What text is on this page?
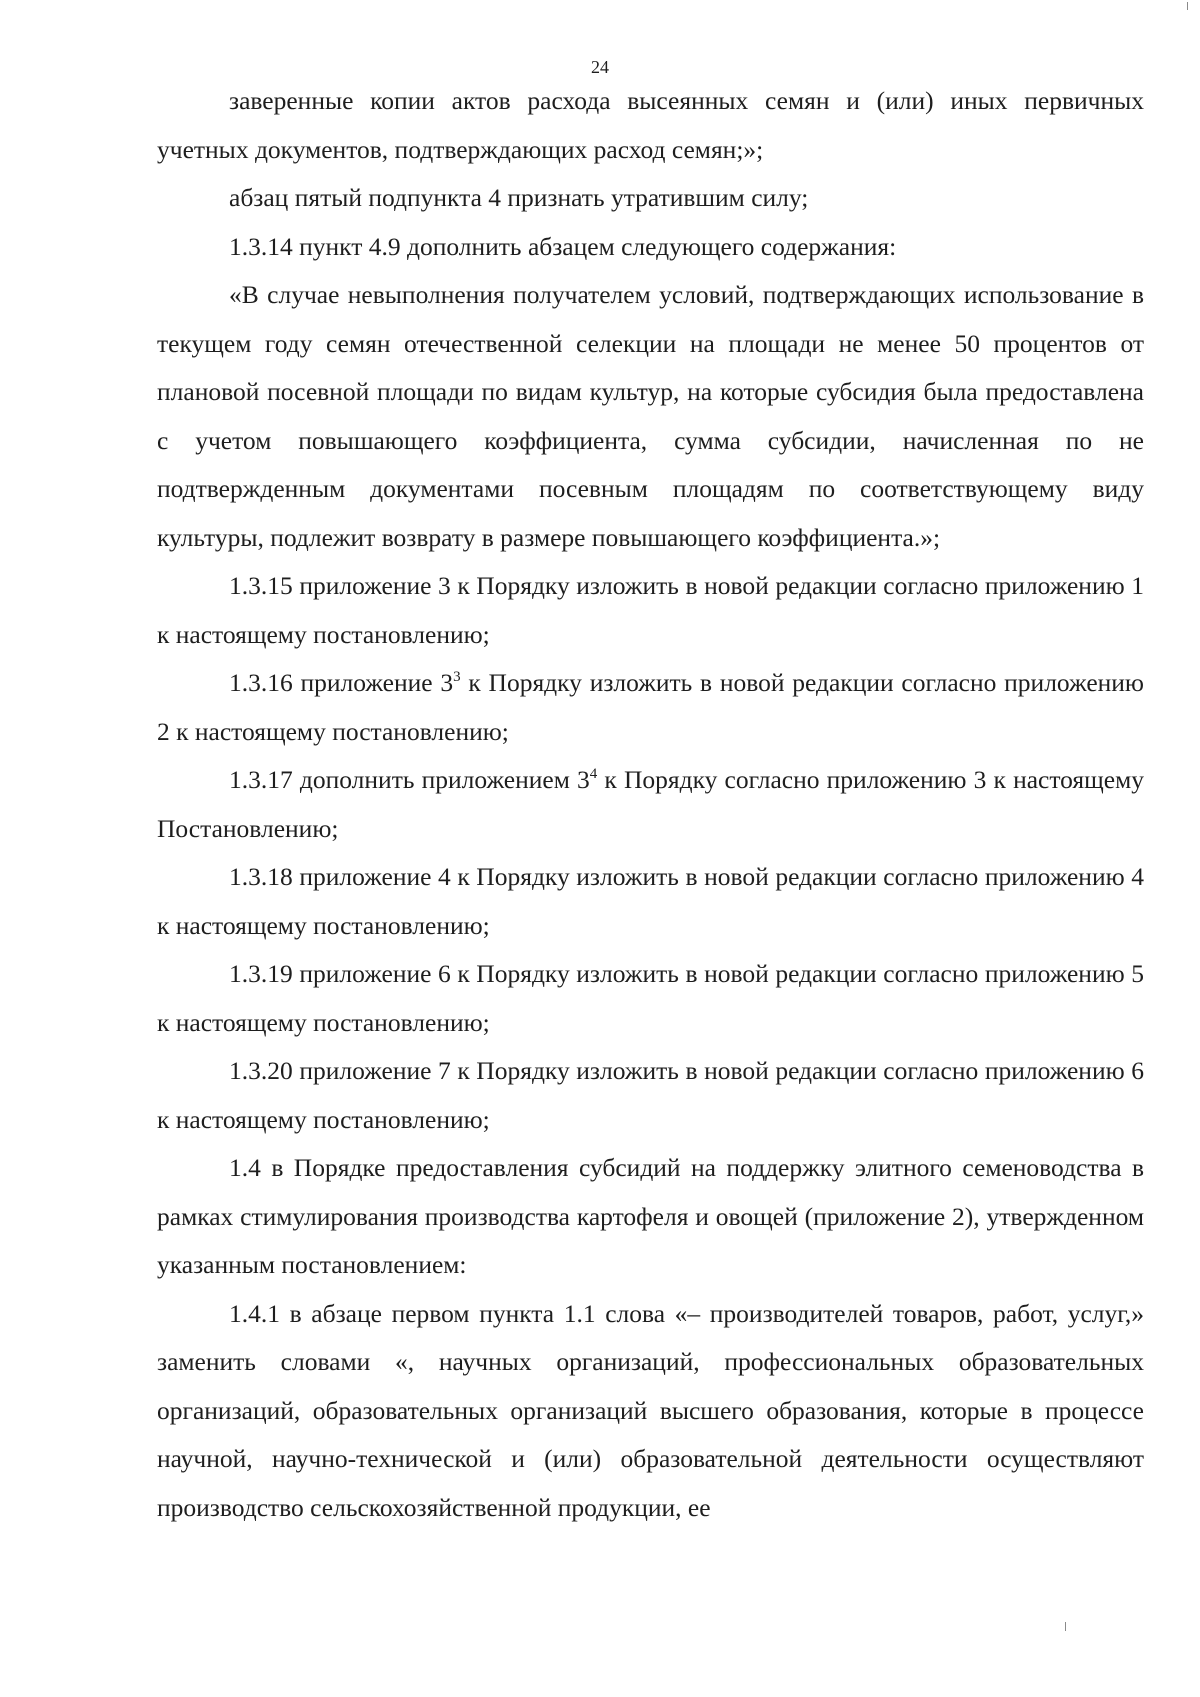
24

заверенные копии актов расхода высеянных семян и (или) иных первичных учетных документов, подтверждающих расход семян;»;

абзац пятый подпункта 4 признать утратившим силу;

1.3.14 пункт 4.9 дополнить абзацем следующего содержания:

«В случае невыполнения получателем условий, подтверждающих использование в текущем году семян отечественной селекции на площади не менее 50 процентов от плановой посевной площади по видам культур, на которые субсидия была предоставлена с учетом повышающего коэффициента, сумма субсидии, начисленная по не подтвержденным документами посевным площадям по соответствующему виду культуры, подлежит возврату в размере повышающего коэффициента.»;

1.3.15 приложение 3 к Порядку изложить в новой редакции согласно приложению 1 к настоящему постановлению;

1.3.16 приложение $3^3$ к Порядку изложить в новой редакции согласно приложению 2 к настоящему постановлению;

1.3.17 дополнить приложением $3^4$ к Порядку согласно приложению 3 к настоящему Постановлению;

1.3.18 приложение 4 к Порядку изложить в новой редакции согласно приложению 4 к настоящему постановлению;

1.3.19 приложение 6 к Порядку изложить в новой редакции согласно приложению 5 к настоящему постановлению;

1.3.20 приложение 7 к Порядку изложить в новой редакции согласно приложению 6 к настоящему постановлению;

1.4 в Порядке предоставления субсидий на поддержку элитного семеноводства в рамках стимулирования производства картофеля и овощей (приложение 2), утвержденном указанным постановлением:

1.4.1 в абзаце первом пункта 1.1 слова «– производителей товаров, работ, услуг,» заменить словами «, научных организаций, профессиональных образовательных организаций, образовательных организаций высшего образования, которые в процессе научной, научно-технической и (или) образовательной деятельности осуществляют производство сельскохозяйственной продукции, ее
